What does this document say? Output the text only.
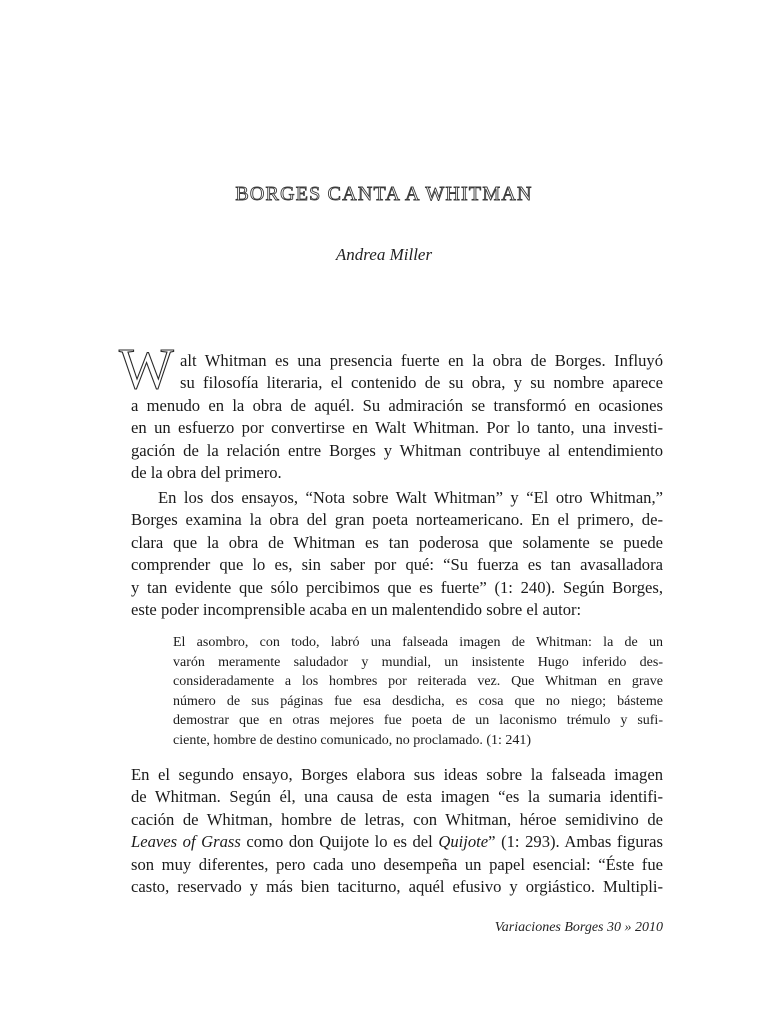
BORGES CANTA A WHITMAN
Andrea Miller
W alt Whitman es una presencia fuerte en la obra de Borges. Influyó
su filosofía literaria, el contenido de su obra, y su nombre aparece
a menudo en la obra de aquél. Su admiración se transformó en ocasiones
en un esfuerzo por convertirse en Walt Whitman. Por lo tanto, una investi-
gación de la relación entre Borges y Whitman contribuye al entendimiento
de la obra del primero.
En los dos ensayos, “Nota sobre Walt Whitman” y “El otro Whitman,”
Borges examina la obra del gran poeta norteamericano. En el primero, de-
clara que la obra de Whitman es tan poderosa que solamente se puede
comprender que lo es, sin saber por qué: “Su fuerza es tan avasalladora
y tan evidente que sólo percibimos que es fuerte” (1: 240). Según Borges,
este poder incomprensible acaba en un malentendido sobre el autor:
El asombro, con todo, labró una falseada imagen de Whitman: la de un
varón meramente saludador y mundial, un insistente Hugo inferido des-
consideradamente a los hombres por reiterada vez. Que Whitman en grave
número de sus páginas fue esa desdicha, es cosa que no niego; básteme
demostrar que en otras mejores fue poeta de un laconismo trémulo y sufi-
ciente, hombre de destino comunicado, no proclamado. (1: 241)
En el segundo ensayo, Borges elabora sus ideas sobre la falseada imagen
de Whitman. Según él, una causa de esta imagen “es la sumaria identifi-
cación de Whitman, hombre de letras, con Whitman, héroe semidivino de
Leaves of Grass como don Quijote lo es del Quijote” (1: 293). Ambas figuras
son muy diferentes, pero cada uno desempeña un papel esencial: “Éste fue
casto, reservado y más bien taciturno, aquél efusivo y orgiástico. Multipli-
Variaciones Borges 30 » 2010
